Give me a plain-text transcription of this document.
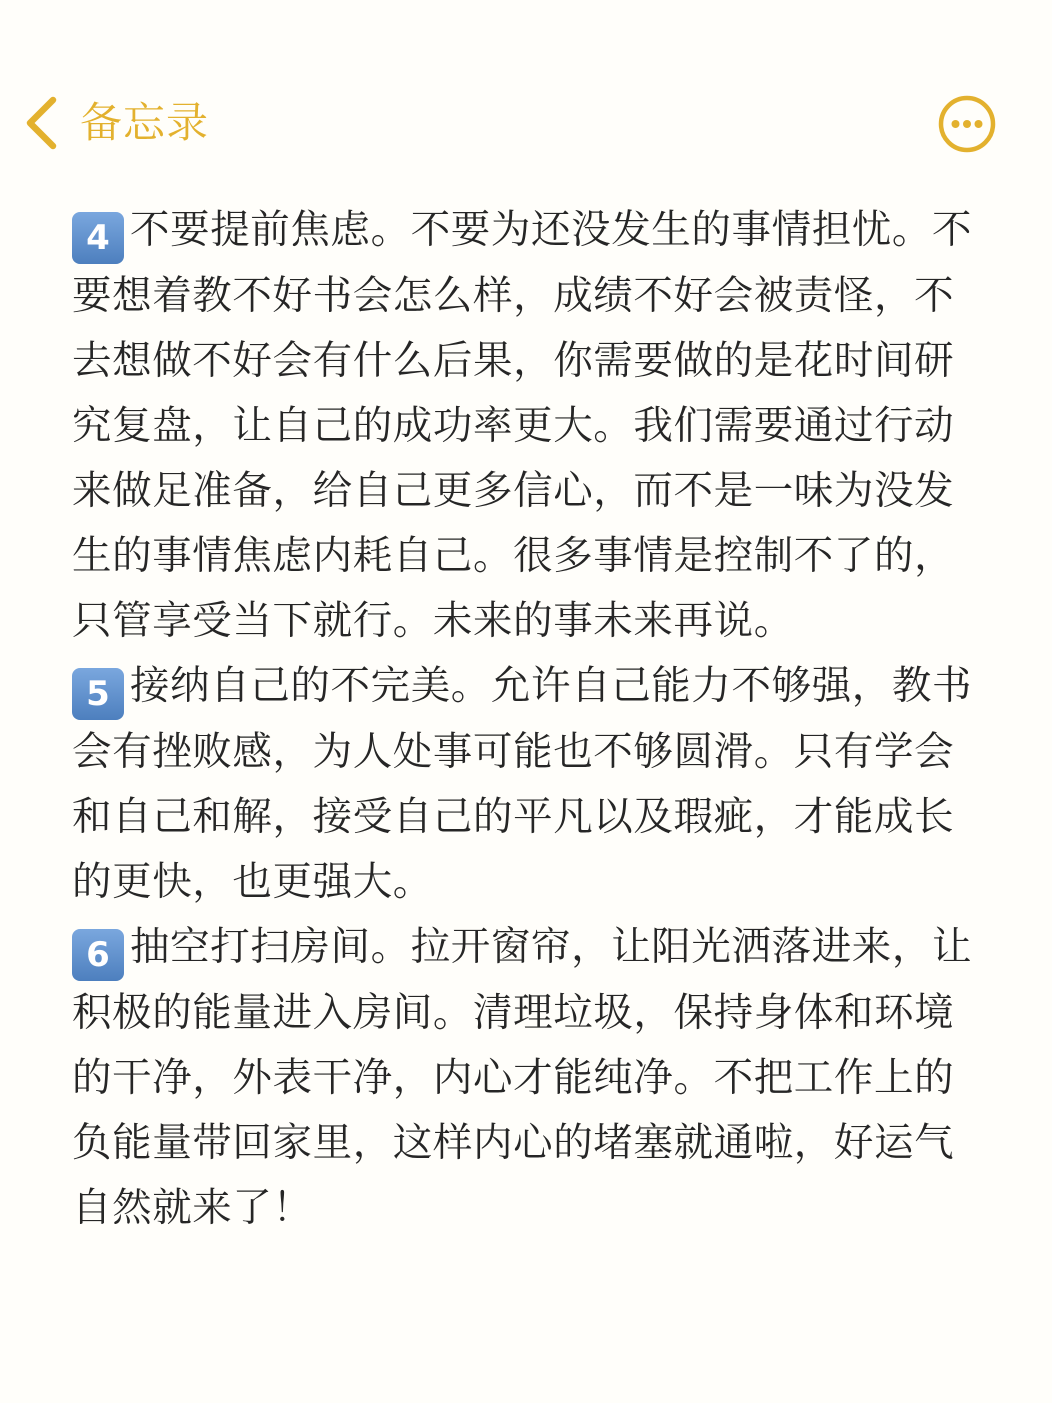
备忘录

4 不要提前焦虑。不要为还没发生的事情担忧。不要想着教不好书会怎么样，成绩不好会被责怪，不去想做不好会有什么后果，你需要做的是花时间研究复盘，让自己的成功率更大。我们需要通过行动来做足准备，给自己更多信心，而不是一味为没发生的事情焦虑内耗自己。很多事情是控制不了的，只管享受当下就行。未来的事未来再说。

5 接纳自己的不完美。允许自己能力不够强，教书会有挫败感，为人处事可能也不够圆滑。只有学会和自己和解，接受自己的平凡以及瑕疵，才能成长的更快，也更强大。

6 抽空打扫房间。拉开窗帘，让阳光洒落进来，让积极的能量进入房间。清理垃圾，保持身体和环境的干净，外表干净，内心才能纯净。不把工作上的负能量带回家里，这样内心的堵塞就通啦，好运气自然就来了！
